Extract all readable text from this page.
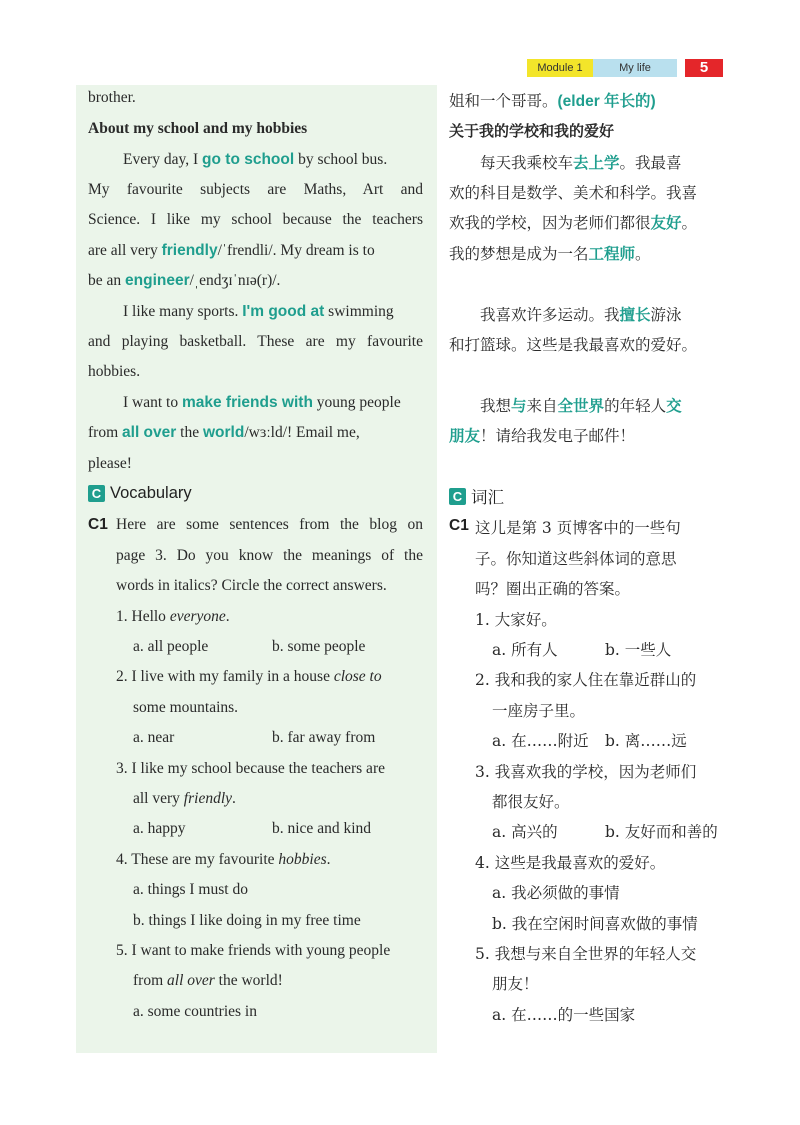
Module 1	My life	5
brother.
About my school and my hobbies
Every day, I go to school by school bus.
My favourite subjects are Maths, Art and
Science. I like my school because the teachers
are all very friendly/ˈfrendli/. My dream is to
be an engineer/ˌendʒɪˈnɪə(r)/.
I like many sports. I'm good at swimming
and playing basketball. These are my favourite
hobbies.
I want to make friends with young people
from all over the world/wɜːld/! Email me,
please!
C Vocabulary
C1 Here are some sentences from the blog on
page 3. Do you know the meanings of the
words in italics? Circle the correct answers.
1. Hello everyone.
a. all people	b. some people
2. I live with my family in a house close to
some mountains.
a. near	b. far away from
3. I like my school because the teachers are
all very friendly.
a. happy	b. nice and kind
4. These are my favourite hobbies.
a. things I must do
b. things I like doing in my free time
5. I want to make friends with young people
from all over the world!
a. some countries in
姐和一个哥哥。(elder 年长的)
关于我的学校和我的爱好
每天我乘校车去上学。我最喜
欢的科目是数学、美术和科学。我喜
欢我的学校，因为老师们都很友好。
我的梦想是成为一名工程师。
我喜欢许多运动。我擅长游泳
和打篮球。这些是我最喜欢的爱好。
我想与来自全世界的年轻人交
朋友！请给我发电子邮件！
C 词汇
C1 这儿是第 3 页博客中的一些句
子。你知道这些斜体词的意思
吗？圈出正确的答案。
1. 大家好。
a. 所有人	b. 一些人
2. 我和我的家人住在靠近群山的
一座房子里。
a. 在……附近 b. 离……远
3. 我喜欢我的学校，因为老师们
都很友好。
a. 高兴的	b. 友好而和善的
4. 这些是我最喜欢的爱好。
a. 我必须做的事情
b. 我在空闲时间喜欢做的事情
5. 我想与来自全世界的年轻人交
朋友！
a. 在……的一些国家
